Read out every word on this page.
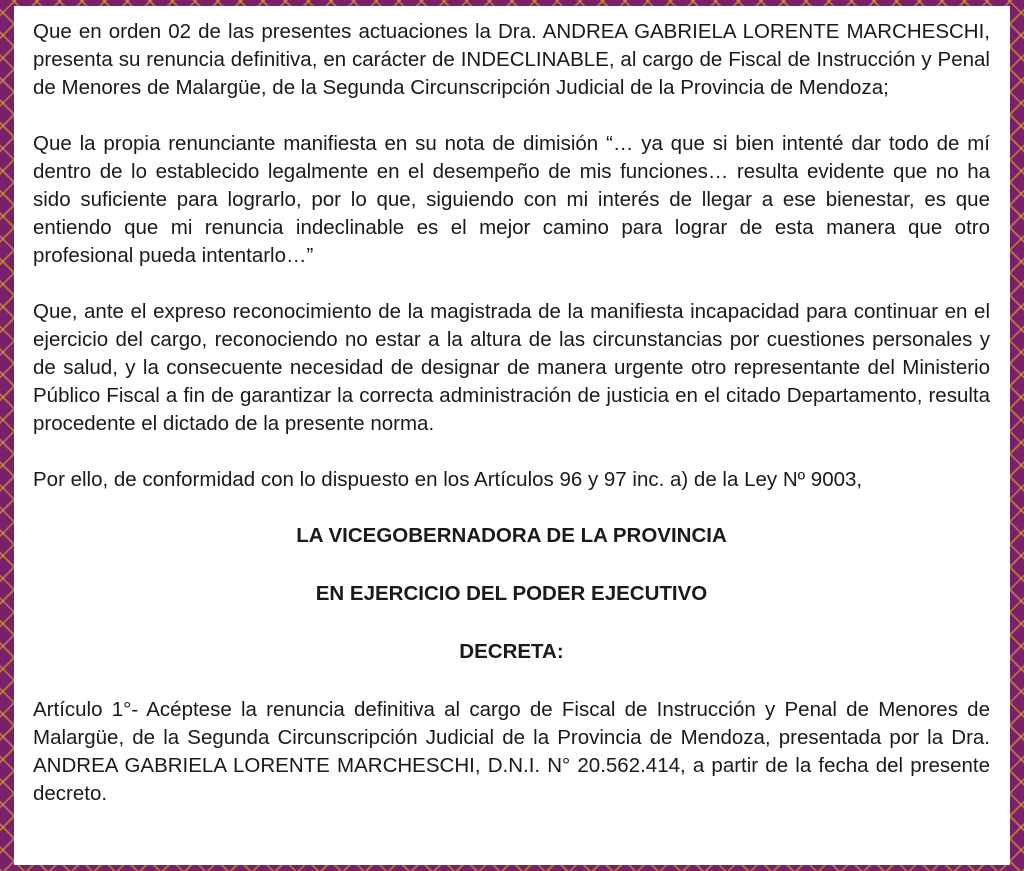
Que en orden 02 de las presentes actuaciones la Dra. ANDREA GABRIELA LORENTE MARCHESCHI, presenta su renuncia definitiva, en carácter de INDECLINABLE, al cargo de Fiscal de Instrucción y Penal de Menores de Malargüe, de la Segunda Circunscripción Judicial de la Provincia de Mendoza;

Que la propia renunciante manifiesta en su nota de dimisión “… ya que si bien intenté dar todo de mí dentro de lo establecido legalmente en el desempeño de mis funciones… resulta evidente que no ha sido suficiente para lograrlo, por lo que, siguiendo con mi interés de llegar a ese bienestar, es que entiendo que mi renuncia indeclinable es el mejor camino para lograr de esta manera que otro profesional pueda intentarlo…”

Que, ante el expreso reconocimiento de la magistrada de la manifiesta incapacidad para continuar en el ejercicio del cargo, reconociendo no estar a la altura de las circunstancias por cuestiones personales y de salud, y la consecuente necesidad de designar de manera urgente otro representante del Ministerio Público Fiscal a fin de garantizar la correcta administración de justicia en el citado Departamento, resulta procedente el dictado de la presente norma.

Por ello, de conformidad con lo dispuesto en los Artículos 96 y 97 inc. a) de la Ley Nº 9003,

LA VICEGOBERNADORA DE LA PROVINCIA

EN EJERCICIO DEL PODER EJECUTIVO

DECRETA:

Artículo 1°- Acéptese la renuncia definitiva al cargo de Fiscal de Instrucción y Penal de Menores de Malargüe, de la Segunda Circunscripción Judicial de la Provincia de Mendoza, presentada por la Dra. ANDREA GABRIELA LORENTE MARCHESCHI, D.N.I. N° 20.562.414, a partir de la fecha del presente decreto.
